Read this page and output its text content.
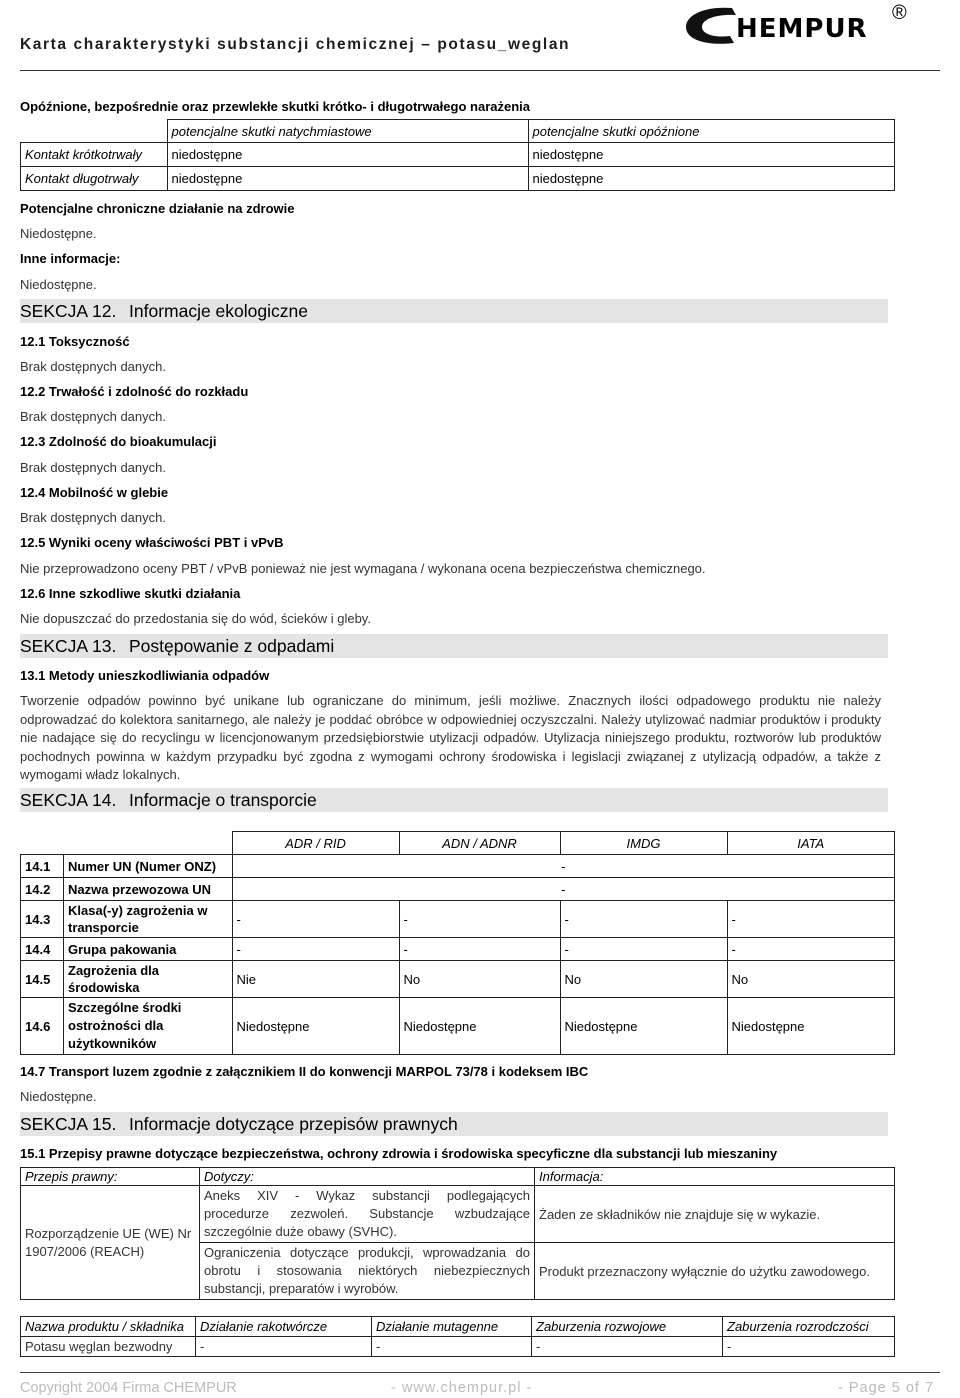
Karta charakterystyki substancji chemicznej – potasu_weglan
HEMPUR
®
Opóźnione, bezpośrednie oraz przewlekłe skutki krótko- i długotrwałego narażenia
	potencjalne skutki natychmiastowe	potencjalne skutki opóźnione
Kontakt krótkotrwały	niedostępne	niedostępne
Kontakt długotrwały	niedostępne	niedostępne
Potencjalne chroniczne działanie na zdrowie
Niedostępne.
Inne informacje:
Niedostępne.
SEKCJA 12. Informacje ekologiczne
12.1 Toksyczność
Brak dostępnych danych.
12.2 Trwałość i zdolność do rozkładu
Brak dostępnych danych.
12.3 Zdolność do bioakumulacji
Brak dostępnych danych.
12.4 Mobilność w glebie
Brak dostępnych danych.
12.5 Wyniki oceny właściwości PBT i vPvB
Nie przeprowadzono oceny PBT / vPvB ponieważ nie jest wymagana / wykonana ocena bezpieczeństwa chemicznego.
12.6 Inne szkodliwe skutki działania
Nie dopuszczać do przedostania się do wód, ścieków i gleby.
SEKCJA 13. Postępowanie z odpadami
13.1 Metody unieszkodliwiania odpadów
Tworzenie odpadów powinno być unikane lub ograniczane do minimum, jeśli możliwe. Znacznych ilości odpadowego produktu nie należy odprowadzać do kolektora sanitarnego, ale należy je poddać obróbce w odpowiedniej oczyszczalni. Należy utylizować nadmiar produktów i produkty nie nadające się do recyclingu w licencjonowanym przedsiębiorstwie utylizacji odpadów. Utylizacja niniejszego produktu, roztworów lub produktów pochodnych powinna w każdym przypadku być zgodna z wymogami ochrony środowiska i legislacji związanej z utylizacją odpadów, a także z wymogami władz lokalnych.
SEKCJA 14. Informacje o transporcie
		ADR / RID	ADN / ADNR	IMDG	IATA
14.1	Numer UN (Numer ONZ)	-			
14.2	Nazwa przewozowa UN	-			
14.3	Klasa(-y) zagrożenia w transporcie	-	-	-	-
14.4	Grupa pakowania	-	-	-	-
14.5	Zagrożenia dla środowiska	Nie	No	No	No
14.6	Szczególne środki ostrożności dla użytkowników	Niedostępne	Niedostępne	Niedostępne	Niedostępne
14.7 Transport luzem zgodnie z załącznikiem II do konwencji MARPOL 73/78 i kodeksem IBC
Niedostępne.
SEKCJA 15. Informacje dotyczące przepisów prawnych
15.1 Przepisy prawne dotyczące bezpieczeństwa, ochrony zdrowia i środowiska specyficzne dla substancji lub mieszaniny
Przepis prawny:	Dotyczy:	Informacja:
Rozporządzenie UE (WE) Nr 1907/2006 (REACH)	Aneks XIV - Wykaz substancji podlegających procedurze zezwoleń. Substancje wzbudzające szczególnie duże obawy (SVHC).	Żaden ze składników nie znajduje się w wykazie.
	Ograniczenia dotyczące produkcji, wprowadzania do obrotu i stosowania niektórych niebezpiecznych substancji, preparatów i wyrobów.	Produkt przeznaczony wyłącznie do użytku zawodowego.
Nazwa produktu / składnika	Działanie rakotwórcze	Działanie mutagenne	Zaburzenia rozwojowe	Zaburzenia rozrodczości
Potasu węglan bezwodny	-	-	-	-
Copyright 2004 Firma CHEMPUR	- www.chempur.pl -	- Page 5 of 7
